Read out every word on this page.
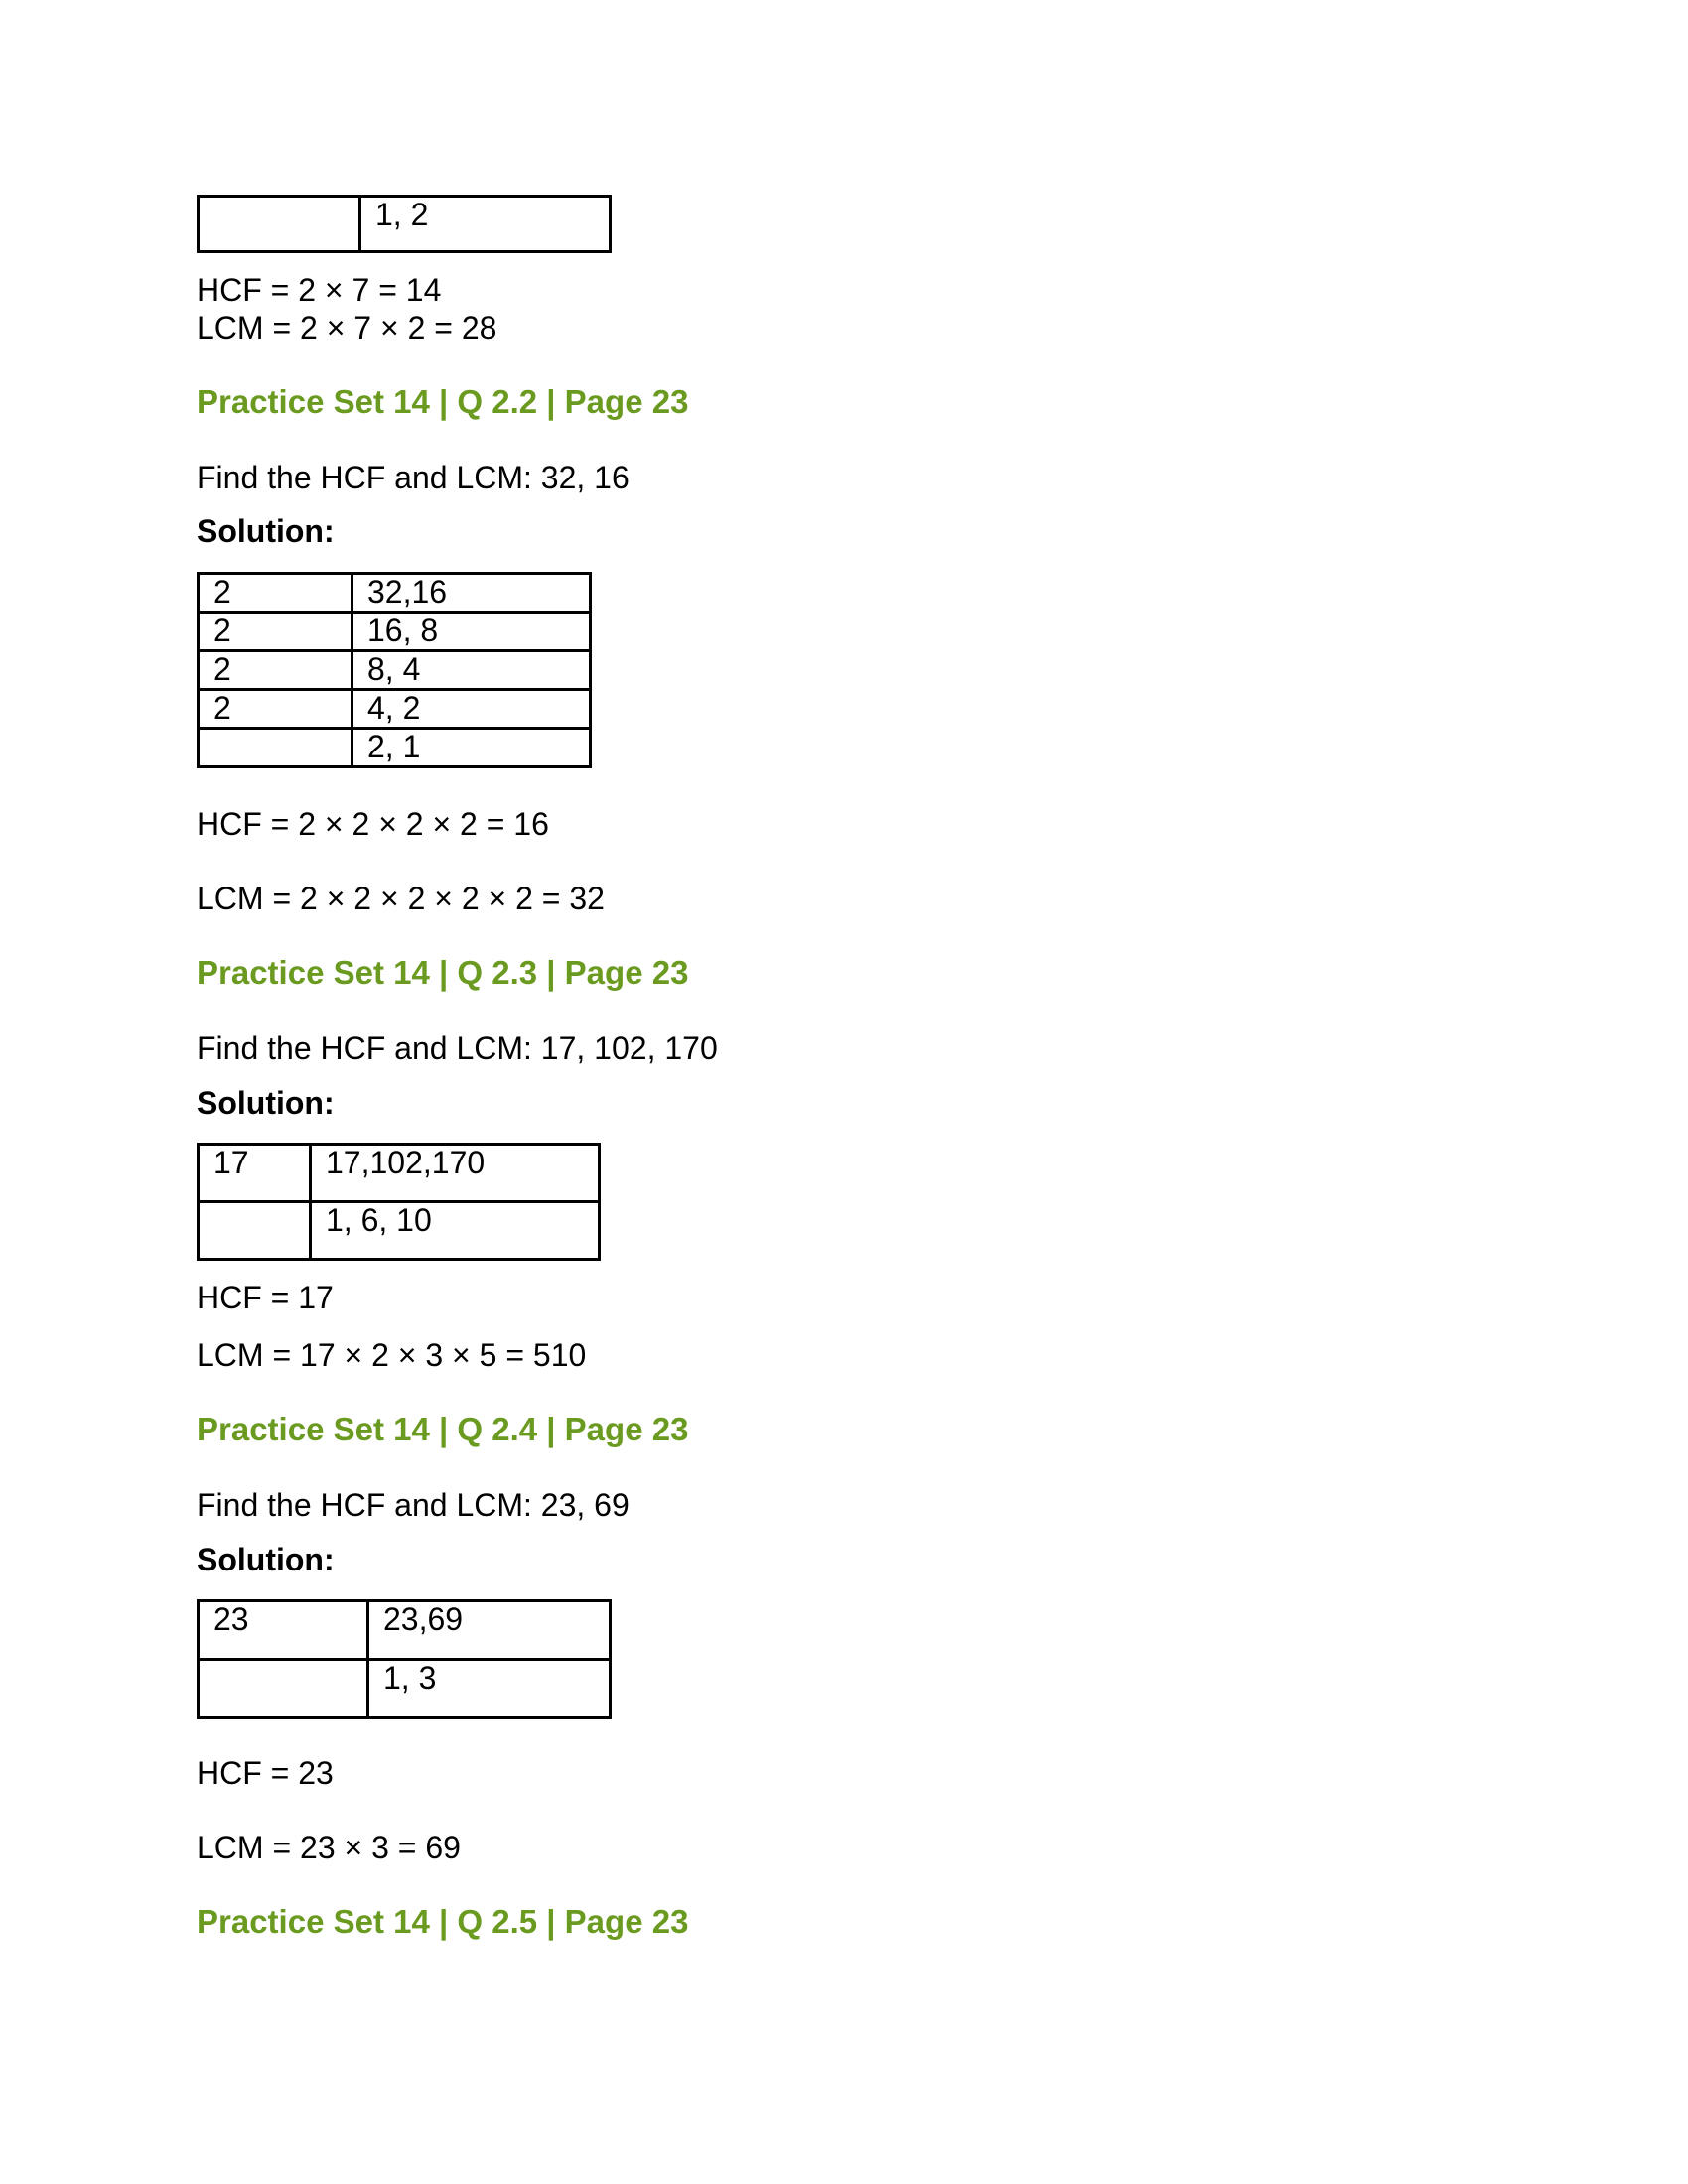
	1, 2
HCF = 2 × 7 = 14
LCM = 2 × 7 × 2 = 28
Practice Set 14 | Q 2.2 | Page 23
Find the HCF and LCM: 32, 16
Solution:
2	32,16
2	16, 8
2	8, 4
2	4, 2
	2, 1
HCF = 2 × 2 × 2 × 2 = 16
LCM = 2 × 2 × 2 × 2 × 2 = 32
Practice Set 14 | Q 2.3 | Page 23
Find the HCF and LCM: 17, 102, 170
Solution:
17	17,102,170
	1, 6, 10
HCF = 17
LCM = 17 × 2 × 3 × 5 = 510
Practice Set 14 | Q 2.4 | Page 23
Find the HCF and LCM: 23, 69
Solution:
23	23,69
	1, 3
HCF = 23
LCM = 23 × 3 = 69
Practice Set 14 | Q 2.5 | Page 23
